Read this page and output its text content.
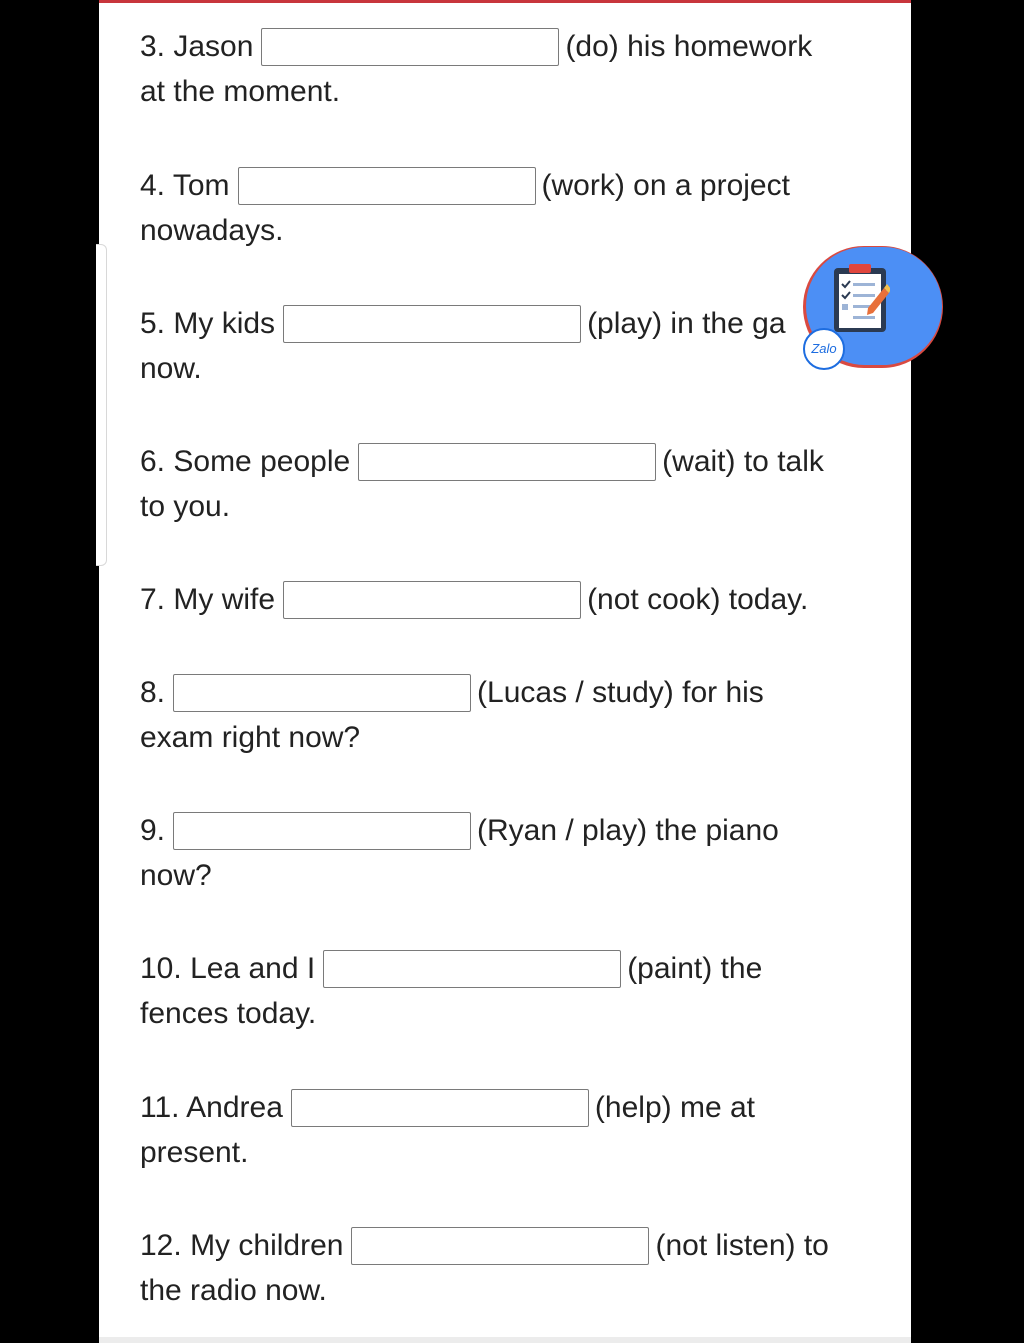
3. Jason	(do) his homework
at the moment.
4. Tom	(work) on a project
nowadays.
5. My kids	(play) in the ga
now.
6. Some people	(wait) to talk
to you.
7. My wife	(not cook) today.

8.	(Lucas / study) for his
exam right now?
9.	(Ryan / play) the piano
now?
10. Lea and I	(paint) the
fences today.
11. Andrea	(help) me at
present.
12. My children	(not listen) to
the radio now.
Zalo
